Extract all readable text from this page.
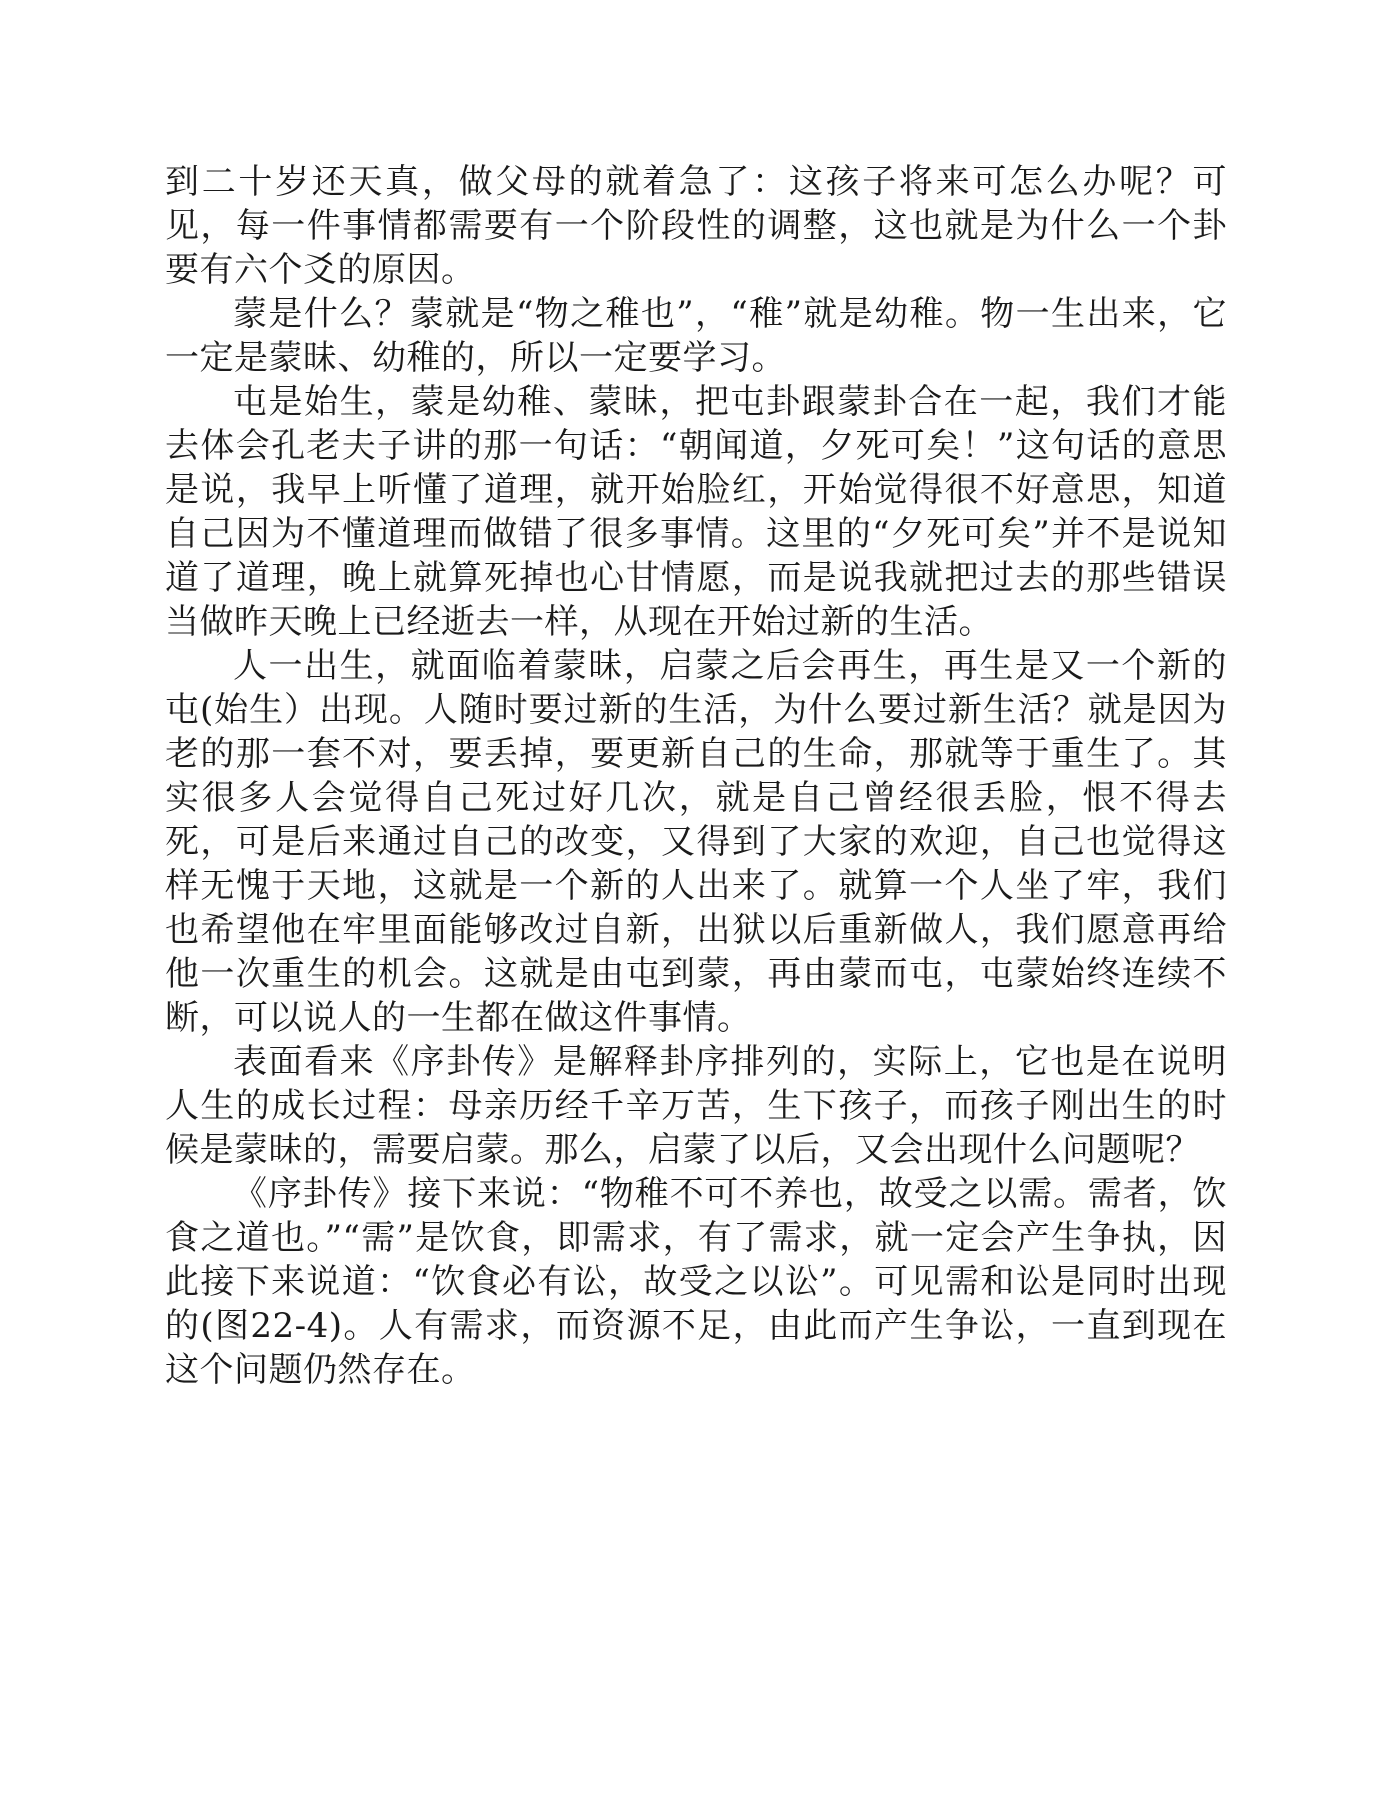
到二十岁还天真，做父母的就着急了：这孩子将来可怎么办呢？可见，每一件事情都需要有一个阶段性的调整，这也就是为什么一个卦要有六个爻的原因。

蒙是什么？蒙就是“物之稚也”，“稚”就是幼稚。物一生出来，它一定是蒙昧、幼稚的，所以一定要学习。

屯是始生，蒙是幼稚、蒙昧，把屯卦跟蒙卦合在一起，我们才能去体会孔老夫子讲的那一句话：“朝闻道，夕死可矣！”这句话的意思是说，我早上听懂了道理，就开始脸红，开始觉得很不好意思，知道自己因为不懂道理而做错了很多事情。这里的“夕死可矣”并不是说知道了道理，晚上就算死掉也心甘情愿，而是说我就把过去的那些错误当做昨天晚上已经逝去一样，从现在开始过新的生活。

人一出生，就面临着蒙昧，启蒙之后会再生，再生是又一个新的屯(始生）出现。人随时要过新的生活，为什么要过新生活？就是因为老的那一套不对，要丢掉，要更新自己的生命，那就等于重生了。其实很多人会觉得自己死过好几次，就是自己曾经很丢脸，恨不得去死，可是后来通过自己的改变，又得到了大家的欢迎，自己也觉得这样无愧于天地，这就是一个新的人出来了。就算一个人坐了牢，我们也希望他在牢里面能够改过自新，出狱以后重新做人，我们愿意再给他一次重生的机会。这就是由屯到蒙，再由蒙而屯，屯蒙始终连续不断，可以说人的一生都在做这件事情。

表面看来《序卦传》是解释卦序排列的，实际上，它也是在说明人生的成长过程：母亲历经千辛万苦，生下孩子，而孩子刚出生的时候是蒙昧的，需要启蒙。那么，启蒙了以后，又会出现什么问题呢？

《序卦传》接下来说：“物稚不可不养也，故受之以需。需者，饮食之道也。”“需”是饮食，即需求，有了需求，就一定会产生争执，因此接下来说道：“饮食必有讼，故受之以讼”。可见需和讼是同时出现的(图22-4)。人有需求，而资源不足，由此而产生争讼，一直到现在这个问题仍然存在。
